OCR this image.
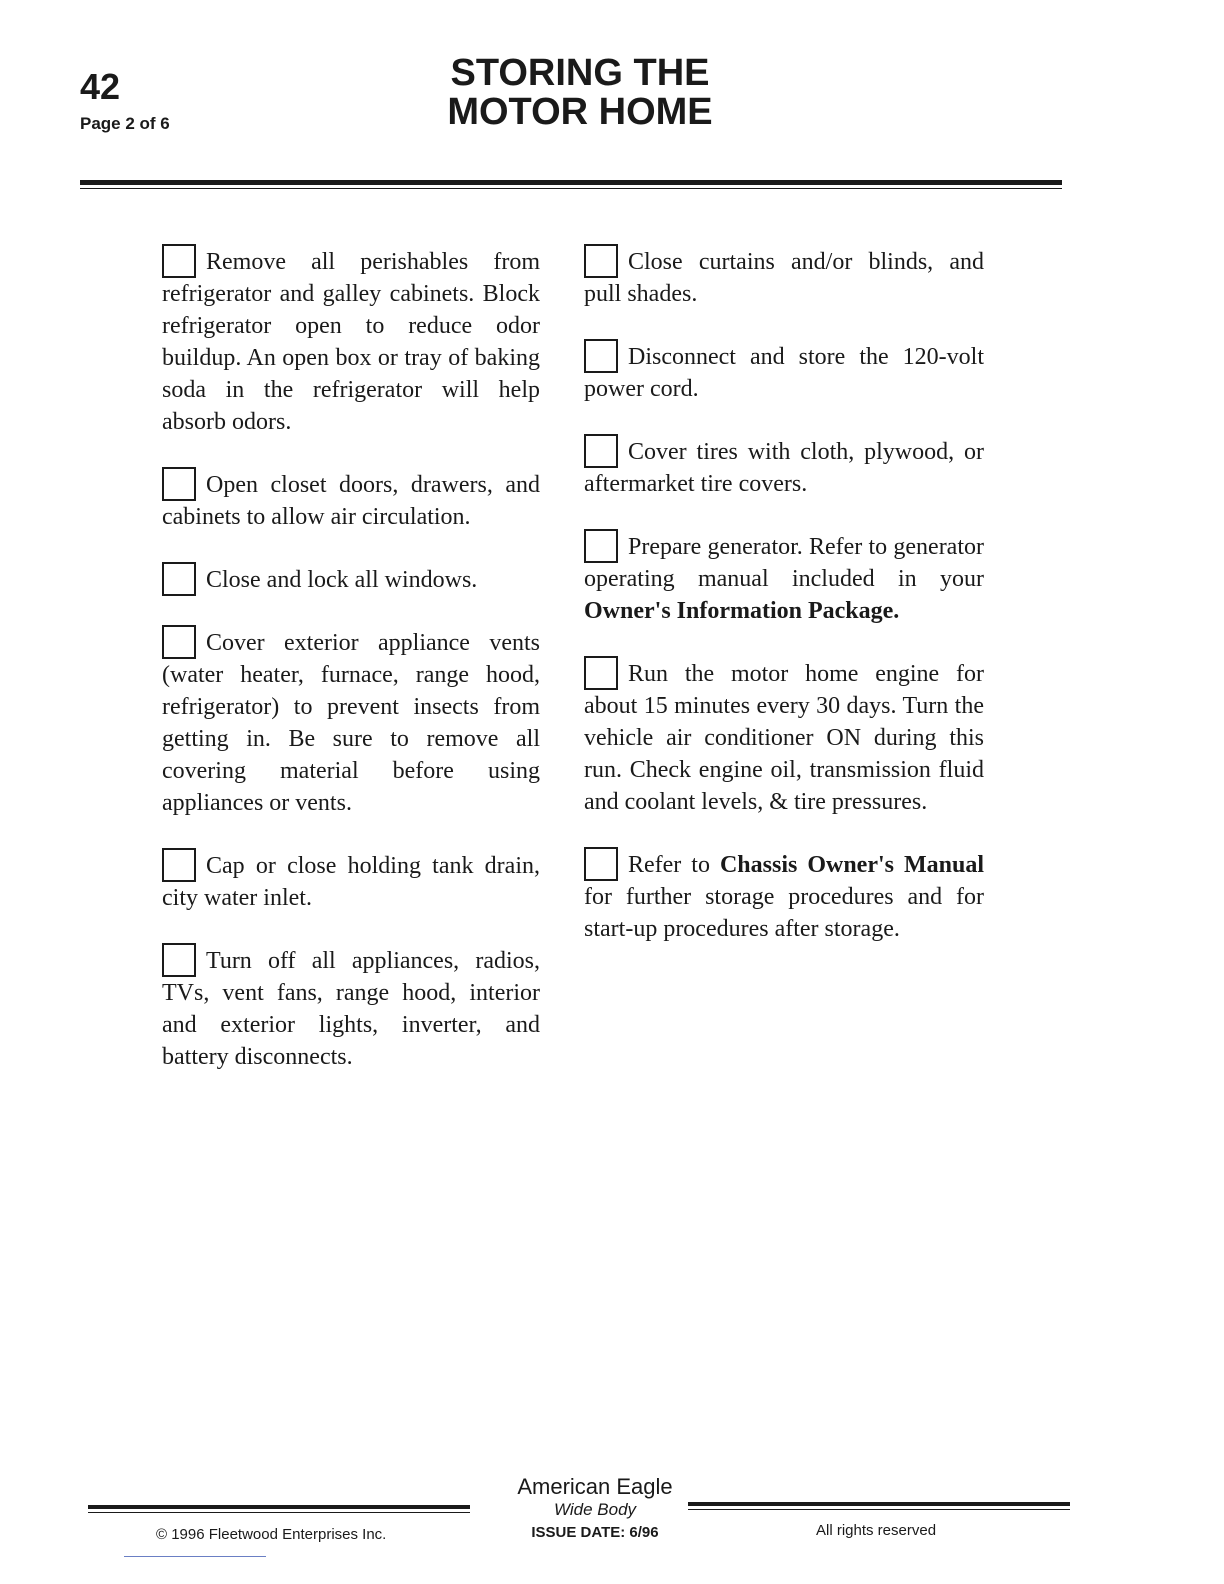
42
Page 2 of 6
STORING THE
MOTOR HOME

Remove all perishables from refrigerator and galley cabinets. Block refrigerator open to reduce odor buildup. An open box or tray of baking soda in the refrigerator will help absorb odors.

Open closet doors, drawers, and cabinets to allow air circulation.

Close and lock all windows.

Cover exterior appliance vents (water heater, furnace, range hood, refrigerator) to prevent insects from getting in. Be sure to remove all covering material before using appliances or vents.

Cap or close holding tank drain, city water inlet.

Turn off all appliances, radios, TVs, vent fans, range hood, interior and exterior lights, inverter, and battery disconnects.

Close curtains and/or blinds, and pull shades.

Disconnect and store the 120-volt power cord.

Cover tires with cloth, plywood, or aftermarket tire covers.

Prepare generator. Refer to generator operating manual included in your Owner's Information Package.

Run the motor home engine for about 15 minutes every 30 days. Turn the vehicle air conditioner ON during this run. Check engine oil, transmission fluid and coolant levels, & tire pressures.

Refer to Chassis Owner's Manual for further storage procedures and for start-up procedures after storage.

American Eagle
Wide Body
ISSUE DATE: 6/96
© 1996 Fleetwood Enterprises Inc.	All rights reserved
